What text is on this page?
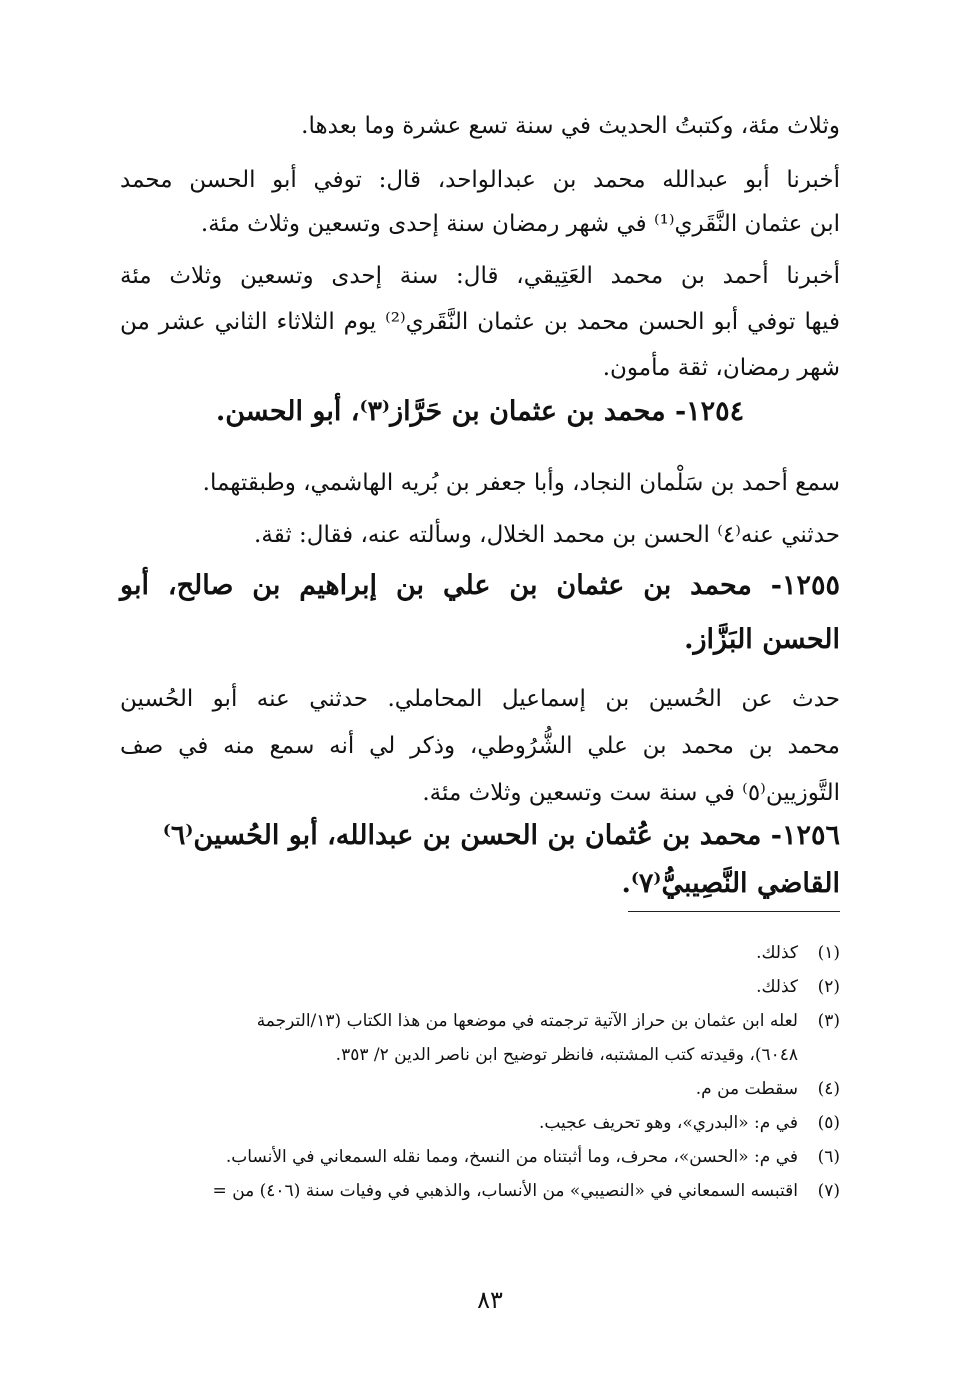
وثلاث مئة، وكتبتُ الحديث في سنة تسع عشرة وما بعدها.
أخبرنا أبو عبدالله محمد بن عبدالواحد، قال: توفي أبو الحسن محمد
ابن عثمان النَّقَري⁽¹⁾ في شهر رمضان سنة إحدى وتسعين وثلاث مئة.
أخبرنا أحمد بن محمد العَتِيقي، قال: سنة إحدى وتسعين وثلاث مئة
فيها توفي أبو الحسن محمد بن عثمان النَّقَري⁽²⁾ يوم الثلاثاء الثاني عشر من
شهر رمضان، ثقة مأمون.
١٢٥٤- محمد بن عثمان بن حَرَّاز⁽٣⁾، أبو الحسن.
سمع أحمد بن سَلْمان النجاد، وأبا جعفر بن بُريه الهاشمي، وطبقتهما.
حدثني عنه⁽٤⁾ الحسن بن محمد الخلال، وسألته عنه، فقال: ثقة.
١٢٥٥- محمد بن عثمان بن علي بن إبراهيم بن صالح، أبو
الحسن البَزَّاز.
حدث عن الحُسين بن إسماعيل المحاملي. حدثني عنه أبو الحُسين
محمد بن محمد بن علي الشُّرُوطي، وذكر لي أنه سمع منه في صف
التَّوزيين⁽٥⁾ في سنة ست وتسعين وثلاث مئة.
١٢٥٦- محمد بن عُثمان بن الحسن بن عبدالله، أبو الحُسين⁽٦⁾
القاضي النَّصِيبيُّ⁽٧⁾.
(١)
كذلك.
(٢)
كذلك.
(٣)
لعله ابن عثمان بن حراز الآتية ترجمته في موضعها من هذا الكتاب (١٣/الترجمة
٦٠٤٨)، وقيدته كتب المشتبه، فانظر توضيح ابن ناصر الدين ٢/ ٣٥٣.
(٤)
سقطت من م.
(٥)
في م: «البدري»، وهو تحريف عجيب.
(٦)
في م: «الحسن»، محرف، وما أثبتناه من النسخ، ومما نقله السمعاني في الأنساب.
(٧)
اقتبسه السمعاني في «النصيبي» من الأنساب، والذهبي في وفيات سنة (٤٠٦) من =
٨٣
